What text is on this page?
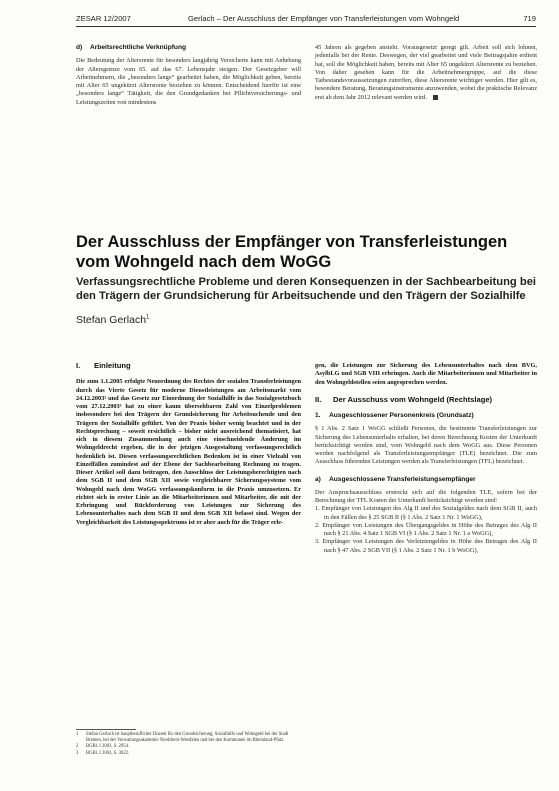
ZESAR 12/2007	Gerlach – Der Ausschluss der Empfänger von Transferleistungen vom Wohngeld	719

d) Arbeitsrechtliche Verknüpfung

Die Bedeutung der Altersrente für besonders langjährig Versicherte kann mit Anhebung der Altersgrenze vom 65. auf das 67. Lebensjahr steigen. Der Gesetzgeber will Arbeitnehmern, die „besonders lange“ gearbeitet haben, die Möglichkeit geben, bereits mit Alter 65 ungekürzt Altersrente beziehen zu können. Entscheidend hierfür ist eine „besonders lange“ Tätigkeit, die den Grundgedanken bei Pflichtversicherungs- und Leistungszeiten von mindestens

45 Jahren als gegeben ansieht. Vorausgesetzt geregt gilt. Arbeit soll sich lohnen, jedenfalls bei der Rente. Deswegen, der viel gearbeitet und viele Beitragsjahre erdient hat, soll die Möglichkeit haben, bereits mit Alter 65 ungekürzt Altersrente zu beziehen. Von daher gesehen kann für die Arbeitnehmergruppe, auf die diese Tatbestandsvoraussetzungen zutreffen, diese Altersrente wichtiger werden. Hier gilt es, besondere Beratung, Beratungsinstrumente anzuwenden, wobei die praktische Relevanz erst ab dem Jahr 2012 relevant werden wird.

Der Ausschluss der Empfänger von Transferleistungen vom Wohngeld nach dem WoGG

Verfassungsrechtliche Probleme und deren Konsequenzen in der Sachbearbeitung bei den Trägern der Grundsicherung für Arbeitsuchende und den Trägern der Sozialhilfe

Stefan Gerlach$^1$

I. Einleitung

Die zum 1.1.2005 erfolgte Neuordnung des Rechtes der sozialen Transferleistungen durch das Vierte Gesetz für moderne Dienstleistungen am Arbeitsmarkt vom 24.12.2003² und das Gesetz zur Einordnung der Sozialhilfe in das Sozialgesetzbuch vom 27.12.2003³ hat zu einer kaum übersehbaren Zahl von Einzelproblemen insbesondere bei den Trägern der Grundsicherung für Arbeitsuchende und den Trägern der Sozialhilfe geführt. Von der Praxis bisher wenig beachtet und in der Rechtsprechung – soweit ersichtlich – bisher nicht ausreichend thematisiert, hat sich in diesem Zusammenhang auch eine einschneidende Änderung im Wohngeldrecht ergeben, die in der jetzigen Ausgestaltung verfassungsrechtlich bedenklich ist. Diesen verfassungsrechtlichen Bedenken ist in einer Vielzahl von Einzelfällen zumindest auf der Ebene der Sachbearbeitung Rechnung zu tragen. Dieser Artikel soll dazu beitragen, den Ausschluss der Leistungsberechtigten nach dem SGB II und dem SGB XII sowie vergleichbarer Sicherungssysteme vom Wohngeld nach dem WoGG verfassungskonform in die Praxis umzusetzen. Er richtet sich in erster Linie an die Mitarbeiterinnen und Mitarbeiter, die mit der Erbringung und Rückforderung von Leistungen zur Sicherung des Lebensunterhaltes nach dem SGB II und dem SGB XII befasst sind. Wegen der Vergleichbarkeit des Leistungsspektrums ist er aber auch für die Träger erle-

gen, die Leistungen zur Sicherung des Lebensunterhaltes nach dem BVG, AsylbLG und SGB VIII erbringen. Auch die Mitarbeiterinnen und Mitarbeiter in den Wohngeldstellen seien angesprochen werden.

II. Der Ausschuss vom Wohngeld (Rechtslage)

1. Ausgeschlossener Personenkreis (Grundsatz)

§ 1 Abs. 2 Satz 1 WoGG schließt Personen, die bestimmte Transferleistungen zur Sicherung des Lebensunterhalts erhalten, bei deren Berechnung Kosten der Unterkunft berücksichtigt worden sind, vom Wohngeld nach dem WoGG aus. Diese Personen werden nachfolgend als Transferleistungsempfänger (TLE) bezeichnet. Die zum Ausschluss führenden Leistungen werden als Transferleistungen (TFL) bezeichnet.

a) Ausgeschlossene Transferleistungsempfänger

Der Anspruchsausschluss erstreckt sich auf die folgenden TLE, sofern bei der Berechnung der TFL Kosten der Unterkunft berücksichtigt worden sind:

1. Empfänger von Leistungen des Alg II und des Sozialgeldes nach dem SGB II, auch in den Fällen des § 25 SGB II (§ 1 Abs. 2 Satz 1 Nr. 1 WoGG),

2. Empfänger von Leistungen des Übergangsgeldes in Höhe des Betrages des Alg II nach § 21 Abs. 4 Satz 1 SGB VI (§ 1 Abs. 2 Satz 1 Nr. 1 a WoGG),

3. Empfänger von Leistungen des Verletztengeldes in Höhe des Betrages des Alg II nach § 47 Abs. 2 SGB VII (§ 1 Abs. 2 Satz 1 Nr. 1 b WoGG),

1 Stefan Gerlach ist hauptberuflicher Dozent für den Grundsicherung, Sozialhilfe und Wohngeld bei der Stadt Bremen, bei der Verwaltungsakademie Nordrhein-Westfalen und bei den Kommunen im Rheinland-Pfalz.

2 BGBl. I 2003, S. 2954.

3 BGBl. I 2003, S. 3022.
